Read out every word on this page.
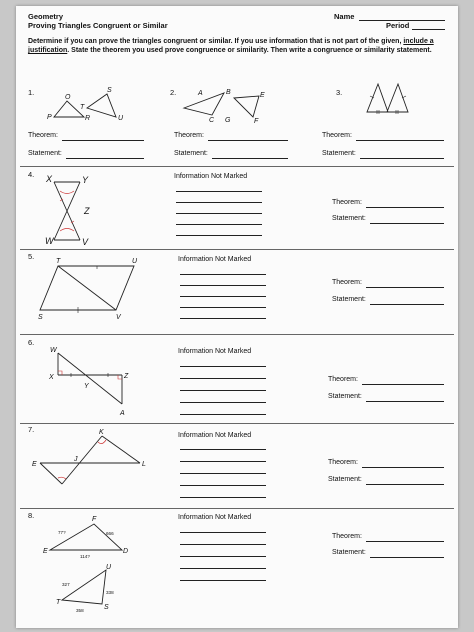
Geometry
Proving Triangles Congruent or Similar
Name
Period
Determine if you can prove the triangles congruent or similar. If you use information that is not part of the given, include a justification. State the theorem you used prove congruence or similarity. Then write a congruence or similarity statement.
1.
O
P	R
T
S
U
2.	A	B	E
C	F
G
3.
Theorem:
Statement:
Theorem:
Statement:
Theorem:
Statement:
4. X	Y
Z
W	V
Information Not Marked
Theorem:
Statement:
5.
T	U
S	V
Information Not Marked
Theorem:
Statement:
6.
W
X
Y
Z
A
Information Not Marked
Theorem:
Statement:
7.	K
E
J
L
Information Not Marked
Theorem:
Statement:
8.	F
E	D
U
T
S
77?	666
114?
327
338
358
Information Not Marked
Theorem:
Statement:
